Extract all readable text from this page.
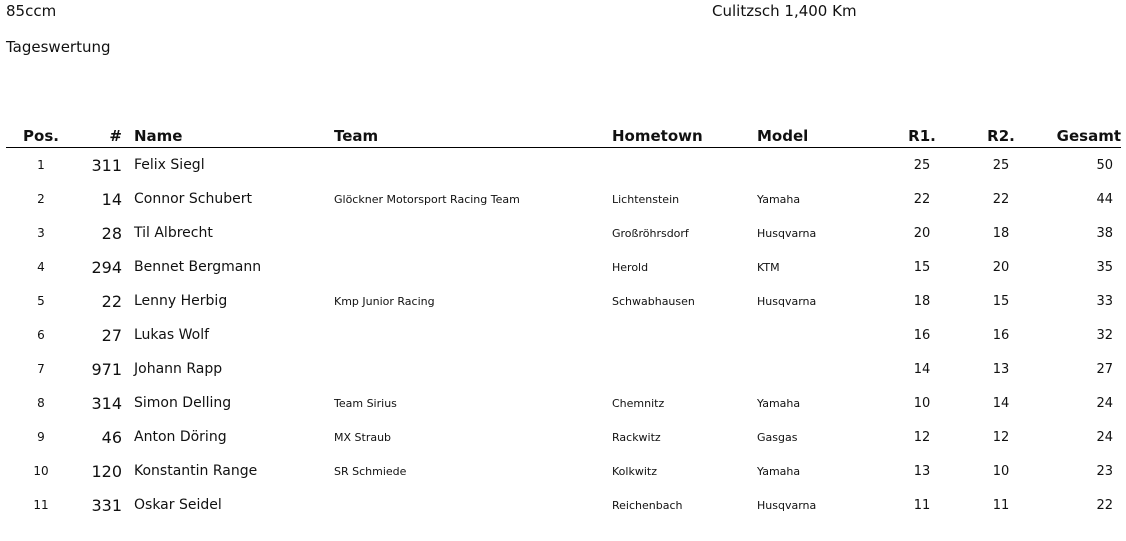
85ccm	Culitzsch 1,400 Km
Tageswertung
Pos.	#	Name	Team	Hometown	Model	R1.	R2.	Gesamt
1	311	Felix Siegl				25	25	50
2	14	Connor Schubert	Glöckner Motorsport Racing Team	Lichtenstein	Yamaha	22	22	44
3	28	Til Albrecht		Großröhrsdorf	Husqvarna	20	18	38
4	294	Bennet Bergmann		Herold	KTM	15	20	35
5	22	Lenny Herbig	Kmp Junior Racing	Schwabhausen	Husqvarna	18	15	33
6	27	Lukas Wolf				16	16	32
7	971	Johann Rapp				14	13	27
8	314	Simon Delling	Team Sirius	Chemnitz	Yamaha	10	14	24
9	46	Anton Döring	MX Straub	Rackwitz	Gasgas	12	12	24
10	120	Konstantin Range	SR Schmiede	Kolkwitz	Yamaha	13	10	23
11	331	Oskar Seidel		Reichenbach	Husqvarna	11	11	22
